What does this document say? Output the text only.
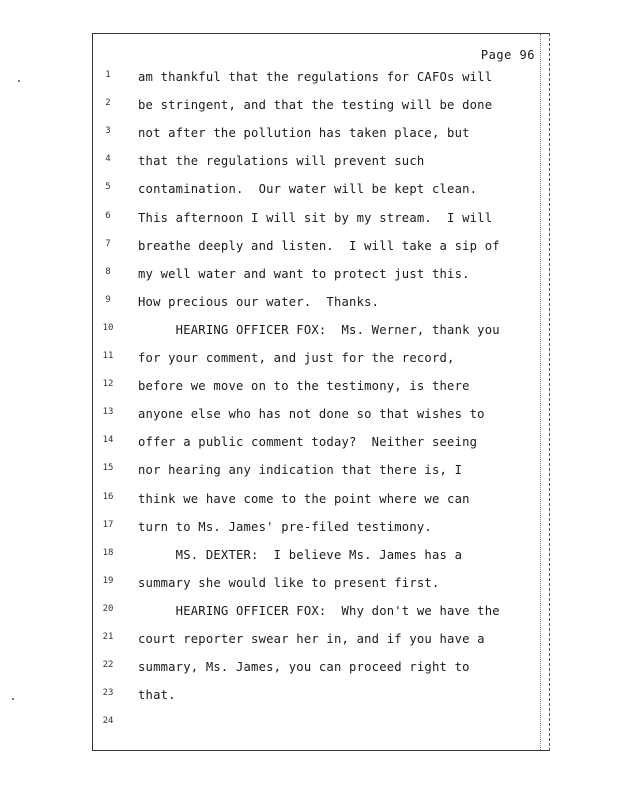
Page 96
1	am thankful that the regulations for CAFOs will
2	be stringent, and that the testing will be done
3	not after the pollution has taken place, but
4	that the regulations will prevent such
5	contamination.  Our water will be kept clean.
6	This afternoon I will sit by my stream.  I will
7	breathe deeply and listen.  I will take a sip of
8	my well water and want to protect just this.
9	How precious our water.  Thanks.
10	HEARING OFFICER FOX:  Ms. Werner, thank you
11	for your comment, and just for the record,
12	before we move on to the testimony, is there
13	anyone else who has not done so that wishes to
14	offer a public comment today?  Neither seeing
15	nor hearing any indication that there is, I
16	think we have come to the point where we can
17	turn to Ms. James' pre-filed testimony.
18	MS. DEXTER:  I believe Ms. James has a
19	summary she would like to present first.
20	HEARING OFFICER FOX:  Why don't we have the
21	court reporter swear her in, and if you have a
22	summary, Ms. James, you can proceed right to
23	that.
24
